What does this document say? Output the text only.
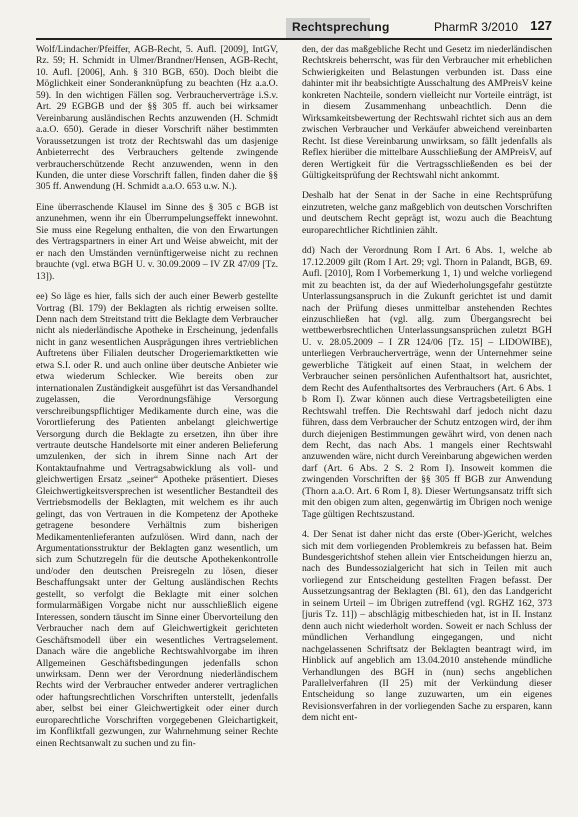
Rechtsprechung	PharmR 3/2010 127

Wolf/Lindacher/Pfeiffer, AGB-Recht, 5. Aufl. [2009], IntGV, Rz. 59; H. Schmidt in Ulmer/Brandner/Hensen, AGB-Recht, 10. Aufl. [2006], Anh. § 310 BGB, 650). Doch bleibt die Möglichkeit einer Sonderanknüpfung zu beachten (Hz a.a.O. 59). In den wichtigen Fällen sog. Verbraucherverträge i.S.v. Art. 29 EGBGB und der §§ 305 ff. auch bei wirksamer Vereinbarung ausländischen Rechts anzuwenden (H. Schmidt a.a.O. 650). Gerade in dieser Vorschrift näher bestimmten Voraussetzungen ist trotz der Rechtswahl das um dasjenige Anbieterrecht des Verbrauchers geltende zwingende verbraucherschützende Recht anzuwenden, wenn in den Kunden, die unter diese Vorschrift fallen, finden daher die §§ 305 ff. Anwendung (H. Schmidt a.a.O. 653 u.w. N.).

Eine überraschende Klausel im Sinne des § 305 c BGB ist anzunehmen, wenn ihr ein Überrumpelungseffekt innewohnt. Sie muss eine Regelung enthalten, die von den Erwartungen des Vertragspartners in einer Art und Weise abweicht, mit der er nach den Umständen vernünftigerweise nicht zu rechnen brauchte (vgl. etwa BGH U. v. 30.09.2009 – IV ZR 47/09 [Tz. 13]).

ee) So läge es hier, falls sich der auch einer Bewerb gestellte Vortrag (Bl. 179) der Beklagten als richtig erweisen sollte. Denn nach dem Streitstand tritt die Beklagte dem Verbraucher nicht als niederländische Apotheke in Erscheinung, jedenfalls nicht in ganz wesentlichen Ausprägungen ihres vertrieblichen Auftretens über Filialen deutscher Drogeriemarktketten wie etwa S.I. oder R. und auch online über deutsche Anbieter wie etwa wiederum Schlecker. Wie bereits oben zur internationalen Zuständigkeit ausgeführt ist das Versandhandel zugelassen, die Verordnungsfähige Versorgung verschreibungspflichtiger Medikamente durch eine, was die Vorortlieferung des Patienten anbelangt gleichwertige Versorgung durch die Beklagte zu ersetzen, ihn über ihre vertraute deutsche Handelsorte mit einer anderen Belieferung umzulenken, der sich in ihrem Sinne nach Art der Kontaktaufnahme und Vertragsabwicklung als voll- und gleichwertigen Ersatz „seiner“ Apotheke präsentiert. Dieses Gleichwertigkeitsversprechen ist wesentlicher Bestandteil des Vertriebsmodells der Beklagten, mit welchem es ihr auch gelingt, das von Vertrauen in die Kompetenz der Apotheke getragene besondere Verhältnis zum bisherigen Medikamentenlieferanten aufzulösen. Wird dann, nach der Argumentationsstruktur der Beklagten ganz wesentlich, um sich zum Schutzregeln für die deutsche Apothekenkontrolle und/oder den deutschen Preisregeln zu lösen, dieser Beschaffungsakt unter der Geltung ausländischen Rechts gestellt, so verfolgt die Beklagte mit einer solchen formularmäßigen Vorgabe nicht nur ausschließlich eigene Interessen, sondern täuscht im Sinne einer Übervorteilung den Verbraucher nach dem auf Gleichwertigkeit gerichteten Geschäftsmodell über ein wesentliches Vertragselement. Danach wäre die angebliche Rechtswahlvorgabe im ihren Allgemeinen Geschäftsbedingungen jedenfalls schon unwirksam. Denn wer der Verordnung niederländischem Rechts wird der Verbraucher entweder anderer vertraglichen oder haftungsrechtlichen Vorschriften unterstellt, jedenfalls aber, selbst bei einer Gleichwertigkeit oder einer durch europarechtliche Vorschriften vorgegebenen Gleichartigkeit, im Konfliktfall gezwungen, zur Wahrnehmung seiner Rechte einen Rechtsanwalt zu suchen und zu fin-

den, der das maßgebliche Recht und Gesetz im niederländischen Rechtskreis beherrscht, was für den Verbraucher mit erheblichen Schwierigkeiten und Belastungen verbunden ist. Dass eine dahinter mit ihr beabsichtigte Ausschaltung des AMPreisV keine konkreten Nachteile, sondern vielleicht nur Vorteile einträgt, ist in diesem Zusammenhang unbeachtlich. Denn die Wirksamkeitsbewertung der Rechtswahl richtet sich aus an dem zwischen Verbraucher und Verkäufer abweichend vereinbarten Recht. Ist diese Vereinbarung unwirksam, so fällt jedenfalls als Reflex hierüber die mittelbare Ausschließung der AMPreisV, auf deren Wertigkeit für die Vertragsschließenden es bei der Gültigkeitsprüfung der Rechtswahl nicht ankommt.

Deshalb hat der Senat in der Sache in eine Rechtsprüfung einzutreten, welche ganz maßgeblich von deutschen Vorschriften und deutschem Recht geprägt ist, wozu auch die Beachtung europarechtlicher Richtlinien zählt.

dd) Nach der Verordnung Rom I Art. 6 Abs. 1, welche ab 17.12.2009 gilt (Rom I Art. 29; vgl. Thorn in Palandt, BGB, 69. Aufl. [2010], Rom I Vorbemerkung 1, 1) und welche vorliegend mit zu beachten ist, da der auf Wiederholungsgefahr gestützte Unterlassungsanspruch in die Zukunft gerichtet ist und damit nach der Prüfung dieses unmittelbar anstehenden Rechtes einzuschließen hat (vgl. allg. zum Übergangsrecht bei wettbewerbsrechtlichen Unterlassungsansprüchen zuletzt BGH U. v. 28.05.2009 – I ZR 124/06 [Tz. 15] – LIDOWIBE), unterliegen Verbraucherverträge, wenn der Unternehmer seine gewerbliche Tätigkeit auf einen Staat, in welchem der Verbraucher seinen persönlichen Aufenthaltsort hat, ausrichtet, dem Recht des Aufenthaltsortes des Verbrauchers (Art. 6 Abs. 1 b Rom I). Zwar können auch diese Vertragsbeteiligten eine Rechtswahl treffen. Die Rechtswahl darf jedoch nicht dazu führen, dass dem Verbraucher der Schutz entzogen wird, der ihm durch diejenigen Bestimmungen gewährt wird, von denen nach dem Recht, das nach Abs. 1 mangels einer Rechtswahl anzuwenden wäre, nicht durch Vereinbarung abgewichen werden darf (Art. 6 Abs. 2 S. 2 Rom I). Insoweit kommen die zwingenden Vorschriften der §§ 305 ff BGB zur Anwendung (Thorn a.a.O. Art. 6 Rom I, 8). Dieser Wertungsansatz trifft sich mit den obigen zum alten, gegenwärtig im Übrigen noch wenige Tage gültigen Rechtszustand.

4. Der Senat ist daher nicht das erste (Ober-)Gericht, welches sich mit dem vorliegenden Problemkreis zu befassen hat. Beim Bundesgerichtshof stehen allein vier Entscheidungen hierzu an, nach des Bundessozialgericht hat sich in Teilen mit auch vorliegend zur Entscheidung gestellten Fragen befasst. Der Aussetzungsantrag der Beklagten (Bl. 61), den das Landgericht in seinem Urteil – im Übrigen zutreffend (vgl. RGHZ 162, 373 [juris Tz. 11]) – abschlägig mitbeschieden hat, ist in II. Instanz denn auch nicht wiederholt worden. Soweit er nach Schluss der mündlichen Verhandlung eingegangen, und nicht nachgelassenen Schriftsatz der Beklagten beantragt wird, im Hinblick auf angeblich am 13.04.2010 anstehende mündliche Verhandlungen des BGH in (nun) sechs angeblichen Parallelverfahren (II 25) mit der Verkündung dieser Entscheidung so lange zuzuwarten, um ein eigenes Revisionsverfahren in der vorliegenden Sache zu ersparen, kann dem nicht ent-
